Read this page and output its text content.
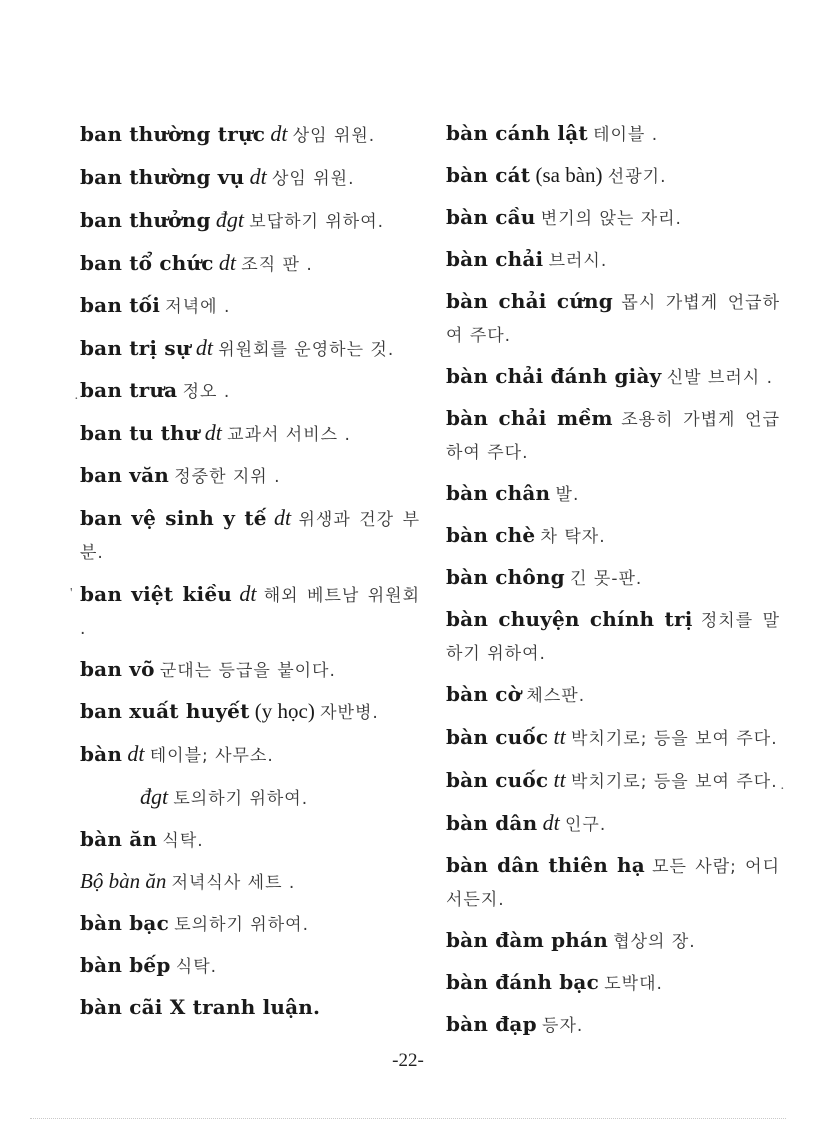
ban thường trực dt 상임 위원.

ban thường vụ dt 상임 위원.

ban thưởng đgt 보답하기 위하여.

ban tổ chức dt 조직 판 .

ban tối 저녁에 .

ban trị sự dt 위원회를 운영하는 것.

ban trưa 정오 .

ban tu thư dt 교과서 서비스 .

ban văn 정중한 지위 .

ban vệ sinh y tế dt 위생과 건강 부분.

ban việt kiều dt 해외 베트남 위원회 .

ban võ 군대는 등급을 붙이다.

ban xuất huyết (y học) 자반병.

bàn dt 테이블; 사무소.

đgt 토의하기 위하여.

bàn ăn 식탁.

Bộ bàn ăn 저녁식사 세트 .

bàn bạc 토의하기 위하여.

bàn bếp 식탁.

bàn cãi X tranh luận.

bàn cánh lật 테이블 .

bàn cát (sa bàn) 선광기.

bàn cầu 변기의 앉는 자리.

bàn chải 브러시.

bàn chải cứng 몹시 가볍게 언급하여 주다.

bàn chải đánh giày 신발 브러시 .

bàn chải mềm 조용히 가볍게 언급하여 주다.

bàn chân 발.

bàn chè 차 탁자.

bàn chông 긴 못-판.

bàn chuyện chính trị 정치를 말하기 위하여.

bàn cờ 체스판.

bàn cuốc tt 박치기로; 등을 보여 주다.

bàn cuốc tt 박치기로; 등을 보여 주다.

bàn dân dt 인구.

bàn dân thiên hạ 모든 사람; 어디서든지.

bàn đàm phán 협상의 장.

bàn đánh bạc 도박대.

bàn đạp 등자.

·
'
·
-22-
